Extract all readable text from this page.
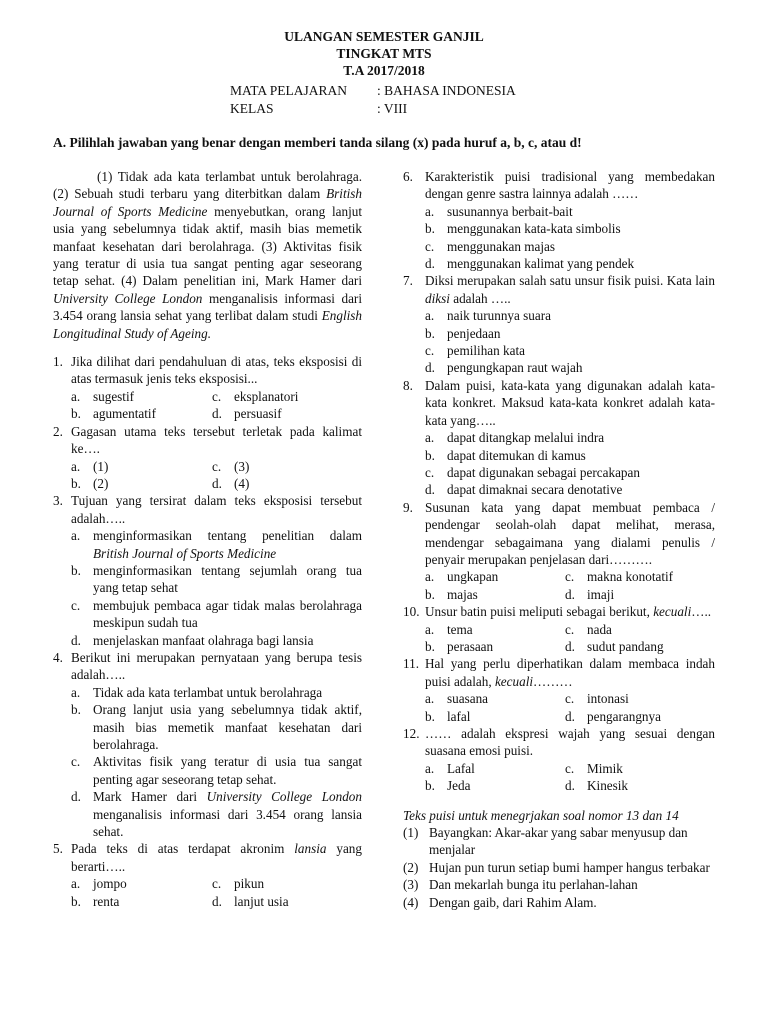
ULANGAN SEMESTER GANJIL
TINGKAT MTS
T.A 2017/2018
MATA PELAJARAN : BAHASA INDONESIA
KELAS	: VIII
A. Pilihlah jawaban yang benar dengan memberi tanda silang (x) pada huruf a, b, c, atau d!
(1) Tidak ada kata terlambat untuk berolahraga. (2) Sebuah studi terbaru yang diterbitkan dalam British Journal of Sports Medicine menyebutkan, orang lanjut usia yang sebelumnya tidak aktif, masih bias memetik manfaat kesehatan dari berolahraga. (3) Aktivitas fisik yang teratur di usia tua sangat penting agar seseorang tetap sehat. (4) Dalam penelitian ini, Mark Hamer dari University College London menganalisis informasi dari 3.454 orang lansia sehat yang terlibat dalam studi English Longitudinal Study of Ageing.
1. Jika dilihat dari pendahuluan di atas, teks eksposisi di atas termasuk jenis teks eksposisi...
a. sugestif	c. eksplanatori
b. agumentatif	d. persuasif
2. Gagasan utama teks tersebut terletak pada kalimat ke….
a. (1)	c. (3)
b. (2)	d. (4)
3. Tujuan yang tersirat dalam teks eksposisi tersebut adalah…..
a. menginformasikan tentang penelitian dalam British Journal of Sports Medicine
b. menginformasikan tentang sejumlah orang tua yang tetap sehat
c. membujuk pembaca agar tidak malas berolahraga meskipun sudah tua
d. menjelaskan manfaat olahraga bagi lansia
4. Berikut ini merupakan pernyataan yang berupa tesis adalah…..
a. Tidak ada kata terlambat untuk berolahraga
b. Orang lanjut usia yang sebelumnya tidak aktif, masih bias memetik manfaat kesehatan dari berolahraga.
c. Aktivitas fisik yang teratur di usia tua sangat penting agar seseorang tetap sehat.
d. Mark Hamer dari University College London menganalisis informasi dari 3.454 orang lansia sehat.
5. Pada teks di atas terdapat akronim lansia yang berarti…..
a. jompo	c. pikun
b. renta	d. lanjut usia
6. Karakteristik puisi tradisional yang membedakan dengan genre sastra lainnya adalah ……
a. susunannya berbait-bait
b. menggunakan kata-kata simbolis
c. menggunakan majas
d. menggunakan kalimat yang pendek
7. Diksi merupakan salah satu unsur fisik puisi. Kata lain diksi adalah …..
a. naik turunnya suara
b. penjedaan
c. pemilihan kata
d. pengungkapan raut wajah
8. Dalam puisi, kata-kata yang digunakan adalah kata-kata konkret. Maksud kata-kata konkret adalah kata-kata yang…..
a. dapat ditangkap melalui indra
b. dapat ditemukan di kamus
c. dapat digunakan sebagai percakapan
d. dapat dimaknai secara denotative
9. Susunan kata yang dapat membuat pembaca / pendengar seolah-olah dapat melihat, merasa, mendengar sebagaimana yang dialami penulis / penyair merupakan penjelasan dari……….
a. ungkapan	c. makna konotatif
b. majas	d. imaji
10. Unsur batin puisi meliputi sebagai berikut, kecuali…..
a. tema	c. nada
b. perasaan	d. sudut pandang
11. Hal yang perlu diperhatikan dalam membaca indah puisi adalah, kecuali………
a. suasana	c. intonasi
b. lafal	d. pengarangnya
12. …… adalah ekspresi wajah yang sesuai dengan suasana emosi puisi.
a. Lafal	c. Mimik
b. Jeda	d. Kinesik
Teks puisi untuk menegrjakan soal nomor 13 dan 14
(1) Bayangkan: Akar-akar yang sabar menyusup dan menjalar
(2) Hujan pun turun setiap bumi hamper hangus terbakar
(3) Dan mekarlah bunga itu perlahan-lahan
(4) Dengan gaib, dari Rahim Alam.
